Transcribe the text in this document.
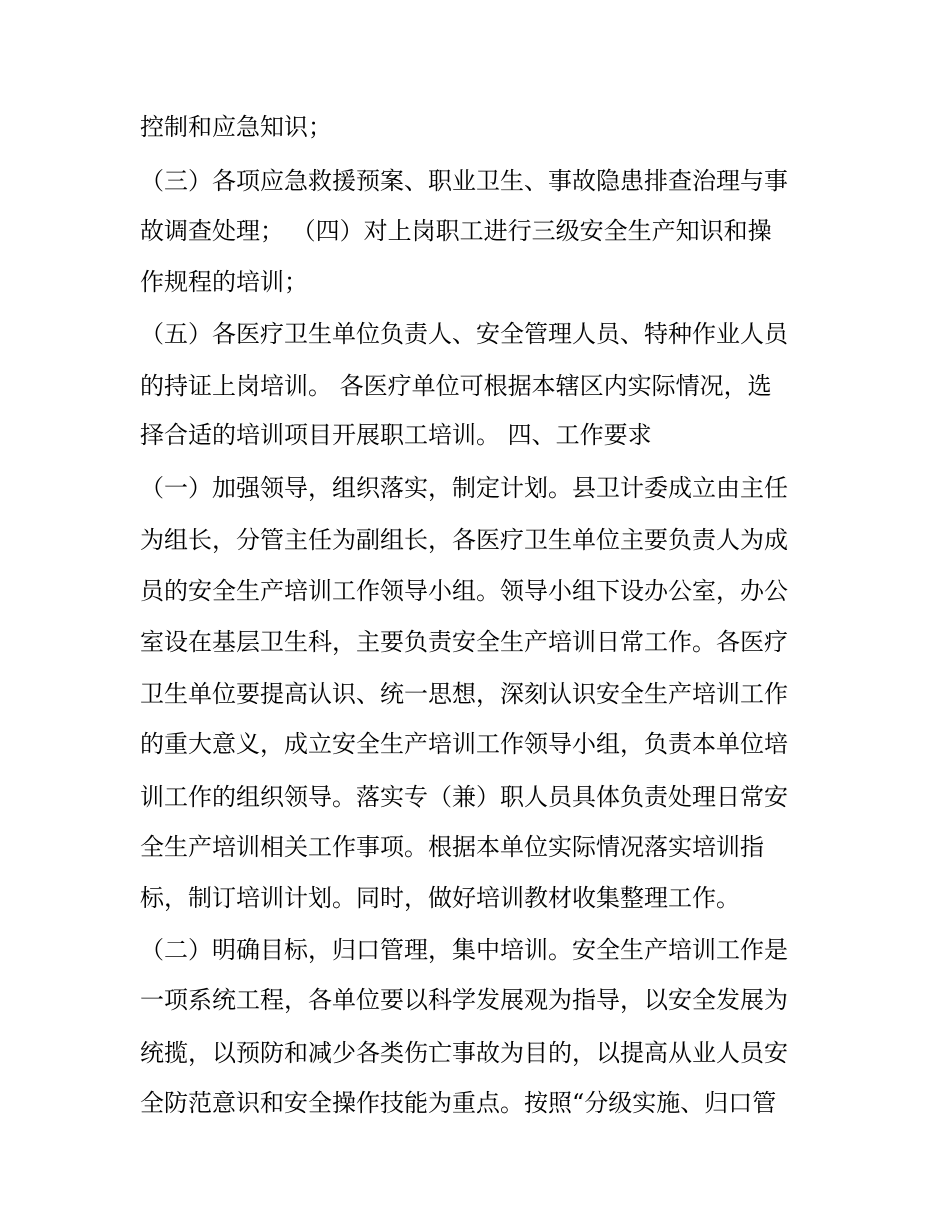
控制和应急知识；
（三）各项应急救援预案、职业卫生、事故隐患排查治理与事
故调查处理； （四）对上岗职工进行三级安全生产知识和操
作规程的培训；
（五）各医疗卫生单位负责人、安全管理人员、特种作业人员
的持证上岗培训。 各医疗单位可根据本辖区内实际情况，选
择合适的培训项目开展职工培训。 四、工作要求
（一）加强领导，组织落实，制定计划。县卫计委成立由主任
为组长，分管主任为副组长，各医疗卫生单位主要负责人为成
员的安全生产培训工作领导小组。领导小组下设办公室，办公
室设在基层卫生科，主要负责安全生产培训日常工作。各医疗
卫生单位要提高认识、统一思想，深刻认识安全生产培训工作
的重大意义，成立安全生产培训工作领导小组，负责本单位培
训工作的组织领导。落实专（兼）职人员具体负责处理日常安
全生产培训相关工作事项。根据本单位实际情况落实培训指
标，制订培训计划。同时，做好培训教材收集整理工作。
（二）明确目标，归口管理，集中培训。安全生产培训工作是
一项系统工程，各单位要以科学发展观为指导，以安全发展为
统揽，以预防和减少各类伤亡事故为目的，以提高从业人员安
全防范意识和安全操作技能为重点。按照“分级实施、归口管
